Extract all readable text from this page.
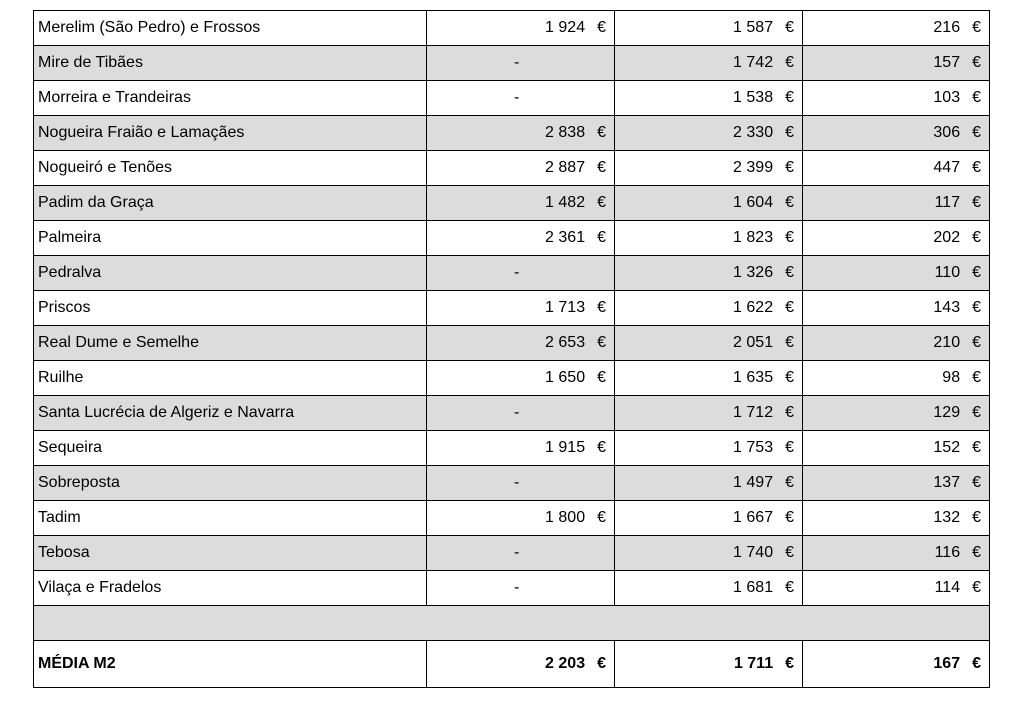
Merelim (São Pedro) e Frossos	1 924 €	1 587 €	216 €
Mire de Tibães	-	1 742 €	157 €
Morreira e Trandeiras	-	1 538 €	103 €
Nogueira Fraião e Lamaçães	2 838 €	2 330 €	306 €
Nogueiró e Tenões	2 887 €	2 399 €	447 €
Padim da Graça	1 482 €	1 604 €	117 €
Palmeira	2 361 €	1 823 €	202 €
Pedralva	-	1 326 €	110 €
Priscos	1 713 €	1 622 €	143 €
Real Dume e Semelhe	2 653 €	2 051 €	210 €
Ruilhe	1 650 €	1 635 €	98 €
Santa Lucrécia de Algeriz e Navarra	-	1 712 €	129 €
Sequeira	1 915 €	1 753 €	152 €
Sobreposta	-	1 497 €	137 €
Tadim	1 800 €	1 667 €	132 €
Tebosa	-	1 740 €	116 €
Vilaça e Fradelos	-	1 681 €	114 €

MÉDIA M2	2 203 €	1 711 €	167 €
